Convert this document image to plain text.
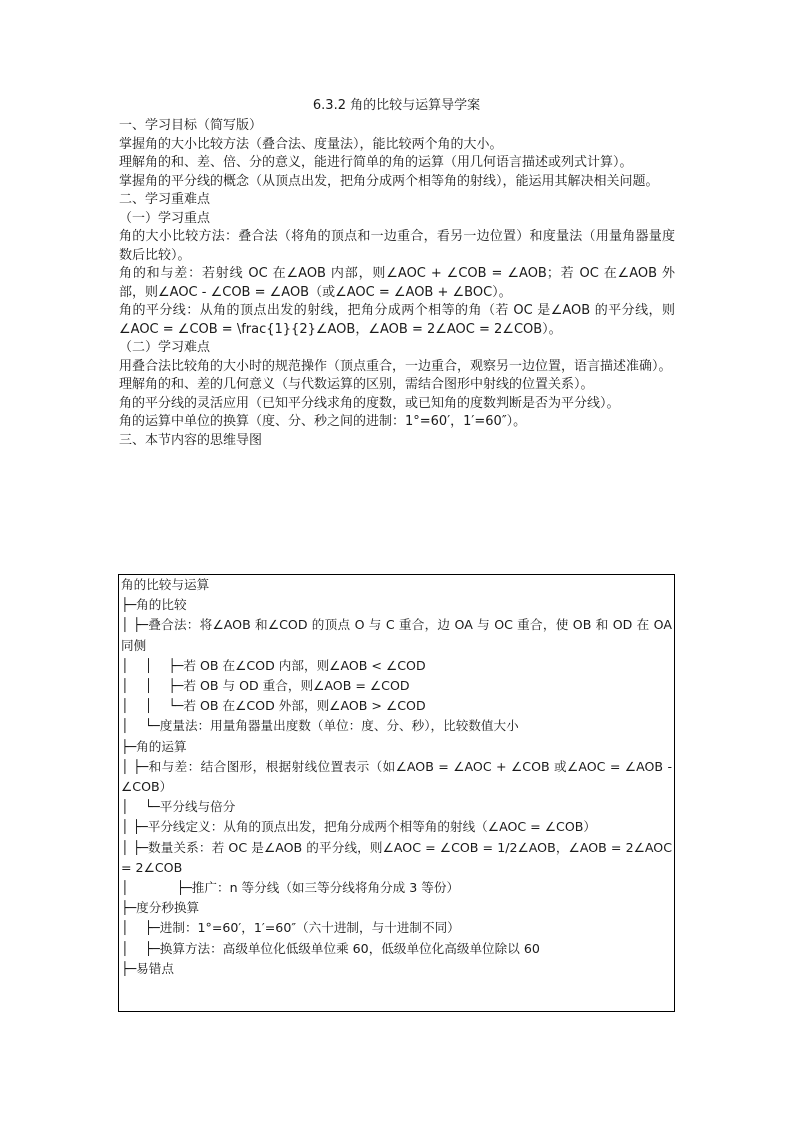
6.3.2 角的比较与运算导学案

一、学习目标（简写版）

掌握角的大小比较方法（叠合法、度量法），能比较两个角的大小。

理解角的和、差、倍、分的意义，能进行简单的角的运算（用几何语言描述或列式计算）。

掌握角的平分线的概念（从顶点出发，把角分成两个相等角的射线），能运用其解决相关问题。

二、学习重难点

（一）学习重点

角的大小比较方法：叠合法（将角的顶点和一边重合，看另一边位置）和度量法（用量角器量度数后比较）。

角的和与差：若射线 OC 在∠AOB 内部，则∠AOC + ∠COB = ∠AOB；若 OC 在∠AOB 外部，则∠AOC - ∠COB = ∠AOB（或∠AOC = ∠AOB + ∠BOC）。

角的平分线：从角的顶点出发的射线，把角分成两个相等的角（若 OC 是∠AOB 的平分线，则∠AOC = ∠COB = \frac{1}{2}∠AOB，∠AOB = 2∠AOC = 2∠COB）。

（二）学习难点

用叠合法比较角的大小时的规范操作（顶点重合，一边重合，观察另一边位置，语言描述准确）。

理解角的和、差的几何意义（与代数运算的区别，需结合图形中射线的位置关系）。

角的平分线的灵活应用（已知平分线求角的度数，或已知角的度数判断是否为平分线）。

角的运算中单位的换算（度、分、秒之间的进制：1°=60′，1′=60″）。

三、本节内容的思维导图

角的比较与运算

├─角的比较

│ ├─叠合法：将∠AOB 和∠COD 的顶点 O 与 C 重合，边 OA 与 OC 重合，使 OB 和 OD 在 OA 同侧

│    │    ├─若 OB 在∠COD 内部，则∠AOB < ∠COD

│    │    ├─若 OB 与 OD 重合，则∠AOB = ∠COD

│    │    └─若 OB 在∠COD 外部，则∠AOB > ∠COD

│    └─度量法：用量角器量出度数（单位：度、分、秒），比较数值大小

├─角的运算

│ ├─和与差：结合图形，根据射线位置表示（如∠AOB = ∠AOC + ∠COB 或∠AOC = ∠AOB - ∠COB）

│    └─平分线与倍分

│ ├─平分线定义：从角的顶点出发，把角分成两个相等角的射线（∠AOC = ∠COB）

│ ├─数量关系：若 OC 是∠AOB 的平分线，则∠AOC = ∠COB = 1/2∠AOB，∠AOB = 2∠AOC = 2∠COB

│            ├─推广：n 等分线（如三等分线将角分成 3 等份）

├─度分秒换算

│    ├─进制：1°=60′，1′=60″（六十进制，与十进制不同）

│    ├─换算方法：高级单位化低级单位乘 60，低级单位化高级单位除以 60

├─易错点
